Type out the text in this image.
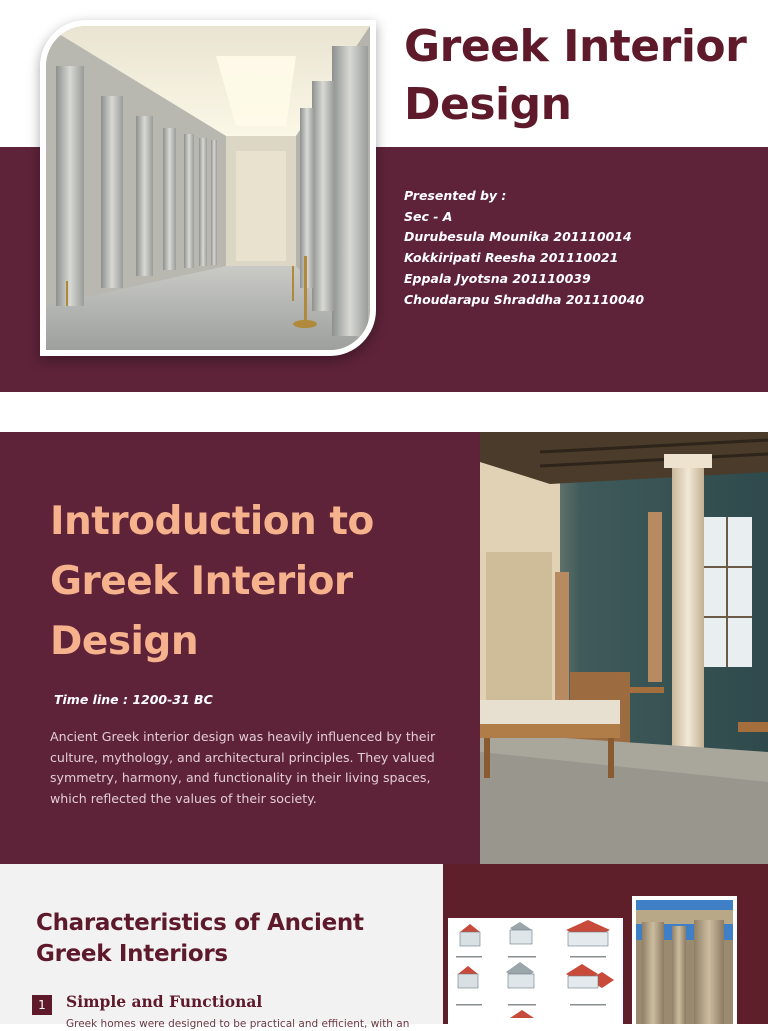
Greek Interior Design
Presented by :
Sec - A
Durubesula Mounika 201110014
Kokkiripati Reesha 201110021
Eppala Jyotsna 201110039
Choudarapu Shraddha 201110040
Introduction to Greek Interior Design

Time line : 1200-31 BC

Ancient Greek interior design was heavily influenced by their culture, mythology, and architectural principles. They valued symmetry, harmony, and functionality in their living spaces, which reflected the values of their society.

Characteristics of Ancient Greek Interiors
1	Simple and Functional

Greek homes were designed to be practical and efficient, with an
